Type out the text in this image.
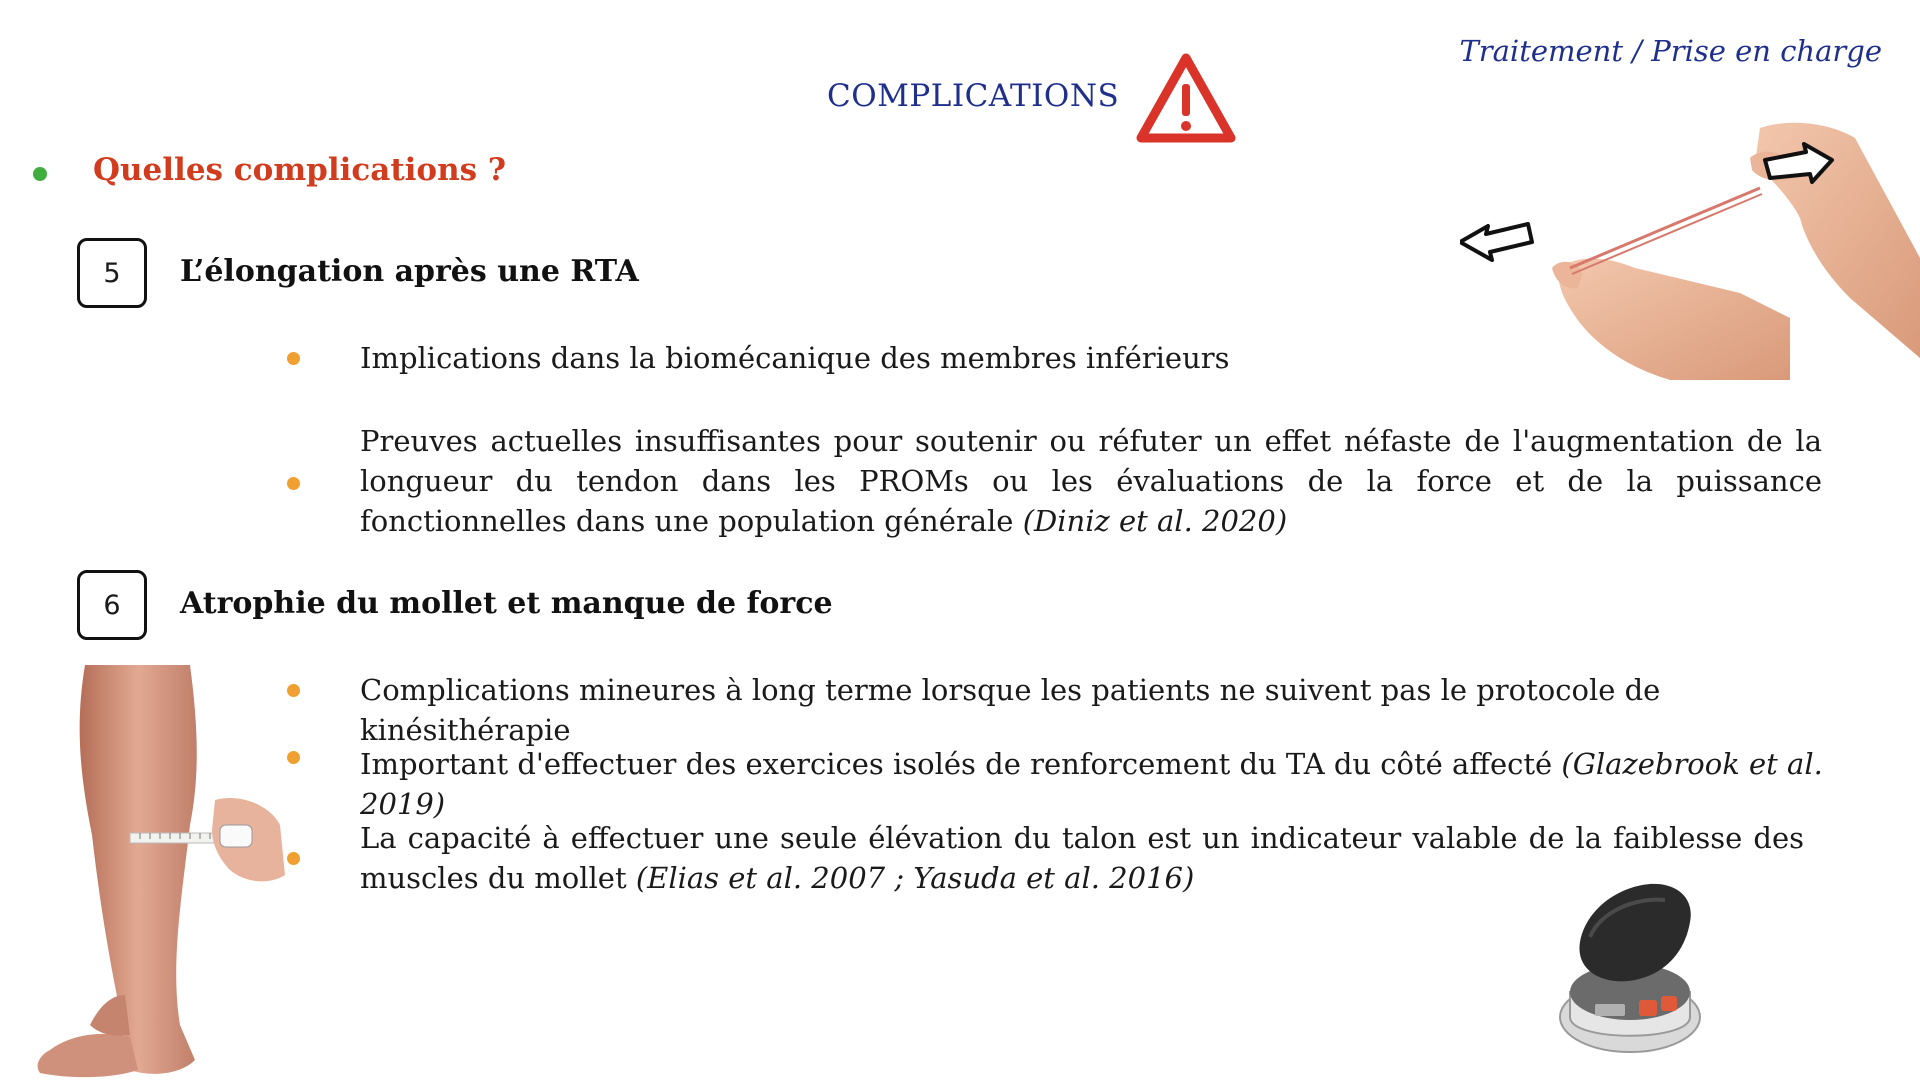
Traitement / Prise en charge
COMPLICATIONS
Quelles complications ?
5 L’élongation après une RTA
Implications dans la biomécanique des membres inférieurs
Preuves actuelles insuffisantes pour soutenir ou réfuter un effet néfaste de l'augmentation de la longueur du tendon dans les PROMs ou les évaluations de la force et de la puissance fonctionnelles dans une population générale (Diniz et al. 2020)
6 Atrophie du mollet et manque de force
Complications mineures à long terme lorsque les patients ne suivent pas le protocole de kinésithérapie
Important d'effectuer des exercices isolés de renforcement du TA du côté affecté (Glazebrook et al. 2019)
La capacité à effectuer une seule élévation du talon est un indicateur valable de la faiblesse des muscles du mollet (Elias et al. 2007 ; Yasuda et al. 2016)
